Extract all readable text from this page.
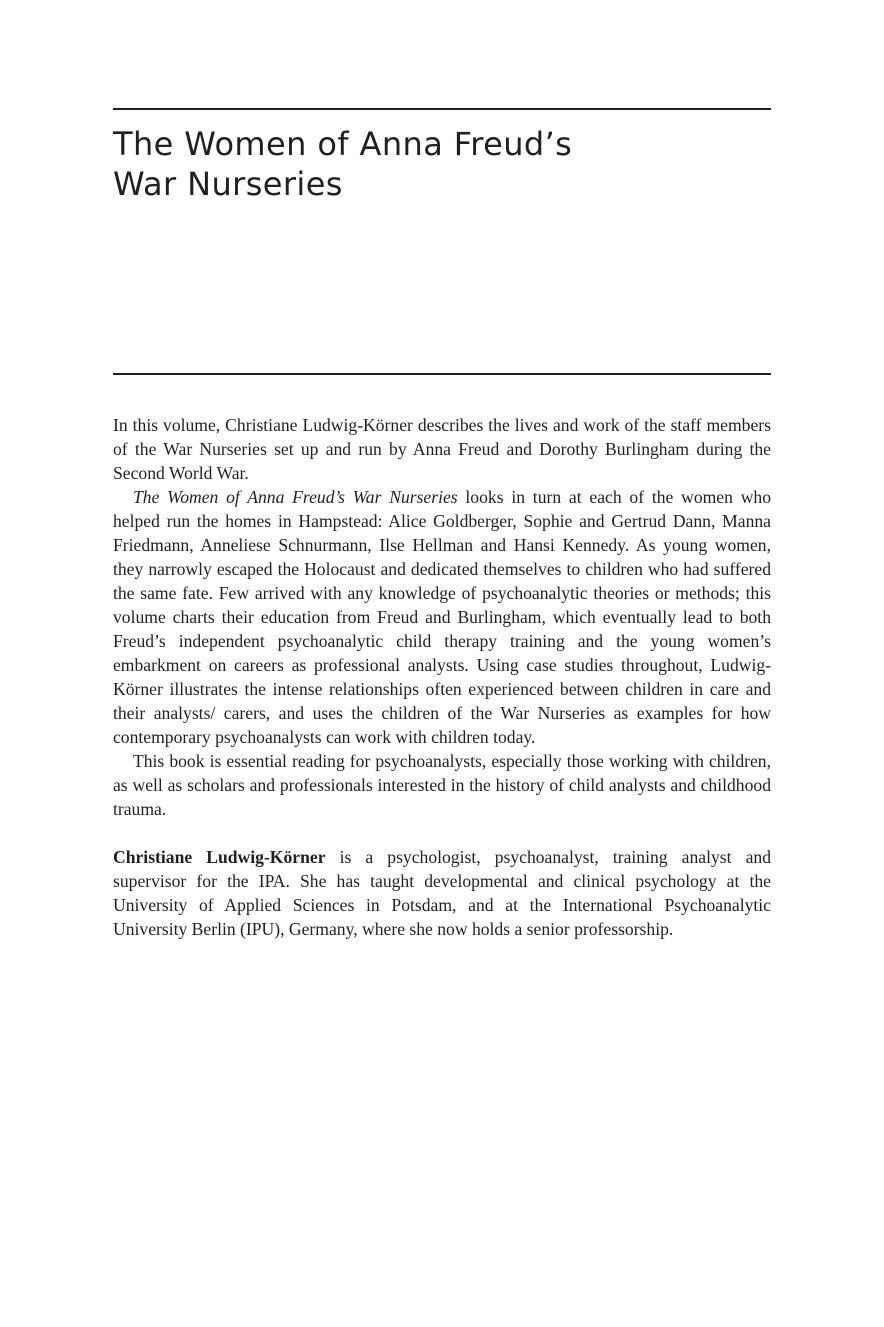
The Women of Anna Freud’s
War Nurseries

In this volume, Christiane Ludwig-Körner describes the lives and work of the staff members of the War Nurseries set up and run by Anna Freud and Dorothy Burlingham during the Second World War.

The Women of Anna Freud’s War Nurseries looks in turn at each of the women who helped run the homes in Hampstead: Alice Goldberger, Sophie and Gertrud Dann, Manna Friedmann, Anneliese Schnurmann, Ilse Hellman and Hansi Kennedy. As young women, they narrowly escaped the Holocaust and dedicated themselves to children who had suffered the same fate. Few arrived with any knowledge of psychoanalytic theories or methods; this volume charts their education from Freud and Burlingham, which eventually lead to both Freud’s independent psychoanalytic child therapy training and the young women’s embarkment on careers as professional analysts. Using case studies throughout, Ludwig-Körner illustrates the intense relationships often experienced between children in care and their analysts/ carers, and uses the children of the War Nurseries as examples for how contemporary psychoanalysts can work with children today.

This book is essential reading for psychoanalysts, especially those working with children, as well as scholars and professionals interested in the history of child analysts and childhood trauma.

Christiane Ludwig-Körner is a psychologist, psychoanalyst, training analyst and supervisor for the IPA. She has taught developmental and clinical psychology at the University of Applied Sciences in Potsdam, and at the International Psychoanalytic University Berlin (IPU), Germany, where she now holds a senior professorship.
